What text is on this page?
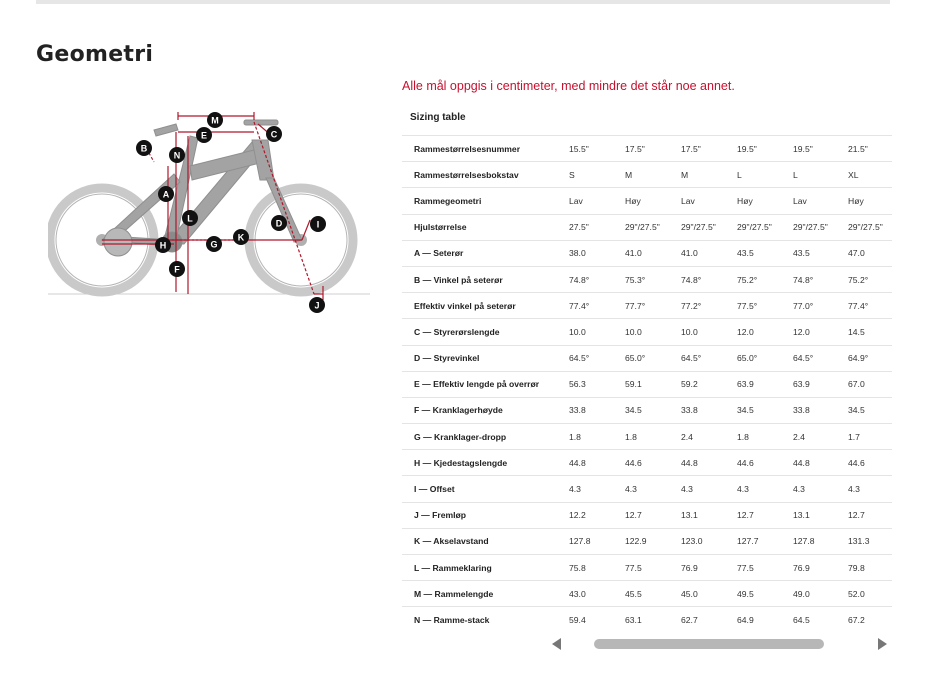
Geometri
Alle mål oppgis i centimeter, med mindre det står noe annet.
M
E	C
B
N
A
L	D	I
H	G
K
F
J
Sizing table
Rammestørrelsesnummer	15.5"	17.5"	17.5"	19.5"	19.5"	21.5"
Rammestørrelsesbokstav	S	M	M	L	L	XL
Rammegeometri	Lav	Høy	Lav	Høy	Lav	Høy
Hjulstørrelse	27.5"	29"/27.5"	29"/27.5"	29"/27.5"	29"/27.5"	29"/27.5"
A — Seterør	38.0	41.0	41.0	43.5	43.5	47.0
B — Vinkel på seterør	74.8°	75.3°	74.8°	75.2°	74.8°	75.2°
Effektiv vinkel på seterør	77.4°	77.7°	77.2°	77.5°	77.0°	77.4°
C — Styrerørslengde	10.0	10.0	10.0	12.0	12.0	14.5
D — Styrevinkel	64.5°	65.0°	64.5°	65.0°	64.5°	64.9°
E — Effektiv lengde på overrør	56.3	59.1	59.2	63.9	63.9	67.0
F — Kranklagerhøyde	33.8	34.5	33.8	34.5	33.8	34.5
G — Kranklager-dropp	1.8	1.8	2.4	1.8	2.4	1.7
H — Kjedestagslengde	44.8	44.6	44.8	44.6	44.8	44.6
I — Offset	4.3	4.3	4.3	4.3	4.3	4.3
J — Fremløp	12.2	12.7	13.1	12.7	13.1	12.7
K — Akselavstand	127.8	122.9	123.0	127.7	127.8	131.3
L — Rammeklaring	75.8	77.5	76.9	77.5	76.9	79.8
M — Rammelengde	43.0	45.5	45.0	49.5	49.0	52.0
N — Ramme-stack	59.4	63.1	62.7	64.9	64.5	67.2
